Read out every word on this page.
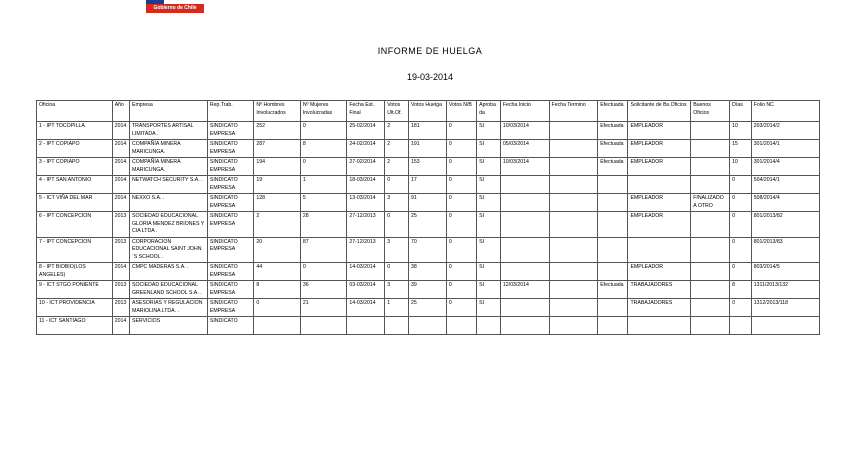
Gobierno de Chile
INFORME DE HUELGA
19-03-2014
Oficina	Año	Empresa	Rep.Trab.	Nº Hombres Involucrados	Nº Mujeres Involucradas	Fecha Est. Final	Votos Ult.Of.	Votos Huelga	Votos N/B	Aprobada	Fecha Inicio	Fecha Termino	Efectuada	Solicitante de Bs.Oficios	Buenos Oficios	Días	Folio NC
1 - IPT TOCOPILLA	2014	TRANSPORTES ARTISAL LIMITADA .	SINDICATO EMPRESA	252	0	25-02/2014	2	181	0	SI	10/03/2014		Efectuada	EMPLEADOR		10	203/2014/2
2 - IPT COPIAPO	2014	COMPAÑÍA MINERA MARICUNGA.	SINDICATO EMPRESA	287	8	24-02/2014	2	191	0	SI	05/03/2014		Efectuada	EMPLEADOR		15	301/2014/1
3 - IPT COPIAPO	2014	COMPAÑÍA MINERA MARICUNGA.	SINDICATO EMPRESA	194	0	27-02/2014	2	153	0	SI	10/03/2014		Efectuada	EMPLEADOR		10	301/2014/4
4 - IPT SAN ANTONIO	2014	NETWATCH SECURITY S.A. .	SINDICATO EMPRESA	19	1	18-03/2014	0	17	0	SI						0	504/2014/1
5 - ICT VIÑA DEL MAR	2014	NEXXO S.A. .	SINDICATO EMPRESA	128	5	13-03/2014	3	91	0	SI				EMPLEADOR	FINALIZADO A OTRO	0	508/2014/4
6 - IPT CONCEPCION	2013	SOCIEDAD EDUCACIONAL GLORIA MENDEZ BRIONES Y CIA LTDA .	SINDICATO EMPRESA	2	28	27-12/2013	0	25	0	SI				EMPLEADOR		0	801/2013/82
7 - IPT CONCEPCION	2013	CORPORACION EDUCACIONAL SAINT JOHN´S SCHOOL .	SINDICATO EMPRESA	20	87	27-12/2013	3	70	0	SI						0	801/2013/83
8 - IPT BIOBIO(LOS ANGELES)	2014	CMPC MADERAS S.A. .	SINDICATO EMPRESA	44	0	14-03/2014	0	38	0	SI				EMPLEADOR		0	803/2014/5
9 - ICT STGO PONIENTE	2013	SOCIEDAD EDUCACIONAL GREENLAND SCHOOL S.A. .	SINDICATO EMPRESA	8	36	03-03/2014	3	39	0	SI	12/03/2014		Efectuada	TRABAJADORES		8	1311/2013/132
10 - ICT PROVIDENCIA	2013	ASESORIAS Y REGULACION MARIOLINA LTDA. .	SINDICATO EMPRESA	0	21	14-03/2014	1	25	0	SI				TRABAJADORES		0	1312/2013/118
11 - ICT SANTIAGO	2014	SERVICIOS	SINDICATO														
